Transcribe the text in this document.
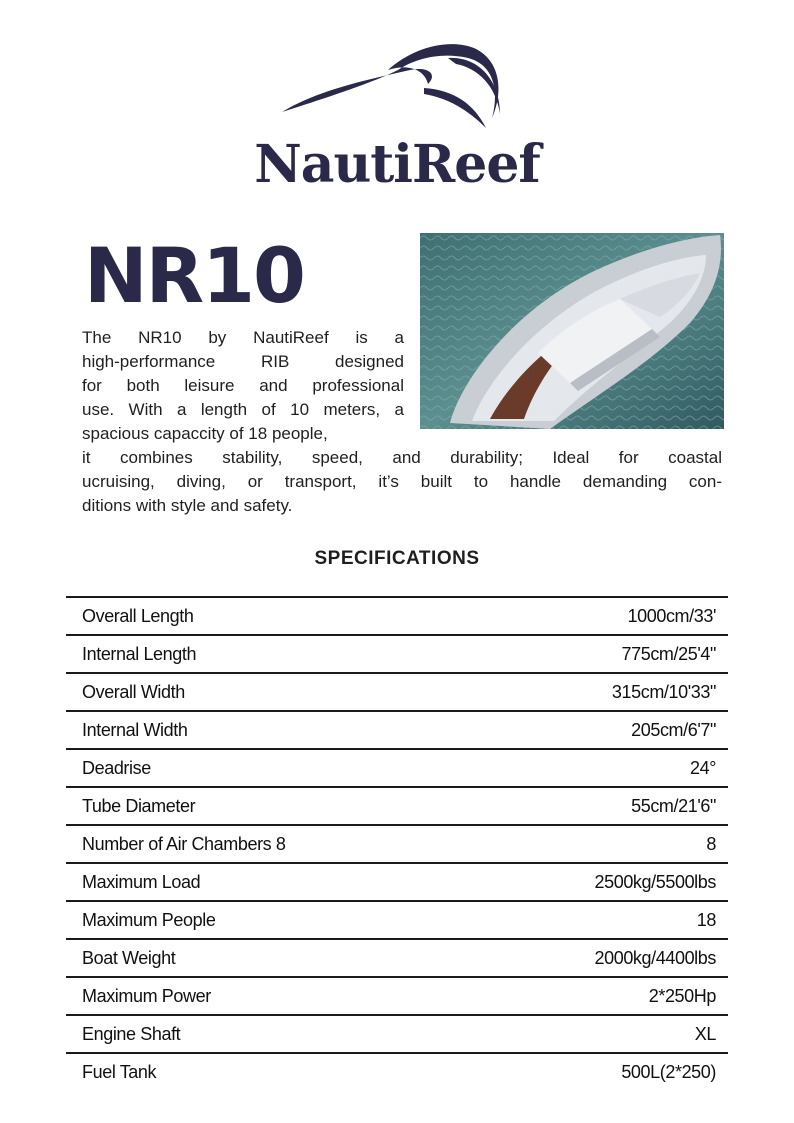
NautiReef
NR10
The NR10 by NautiReef is a
high-performance RIB designed
for both leisure and professional
use. With a length of 10 meters, a
spacious capaccity of 18 people,
it combines stability, speed, and durability; Ideal for coastal
ucruising, diving, or transport, it’s built to handle demanding con-
ditions with style and safety.
SPECIFICATIONS
Overall Length	1000cm/33'
Internal Length	775cm/25'4"
Overall Width	315cm/10'33"
Internal Width	205cm/6'7"
Deadrise	24°
Tube Diameter	55cm/21'6"
Number of Air Chambers 8	8
Maximum Load	2500kg/5500lbs
Maximum People	18
Boat Weight	2000kg/4400lbs
Maximum Power	2*250Hp
Engine Shaft	XL
Fuel Tank	500L(2*250)
